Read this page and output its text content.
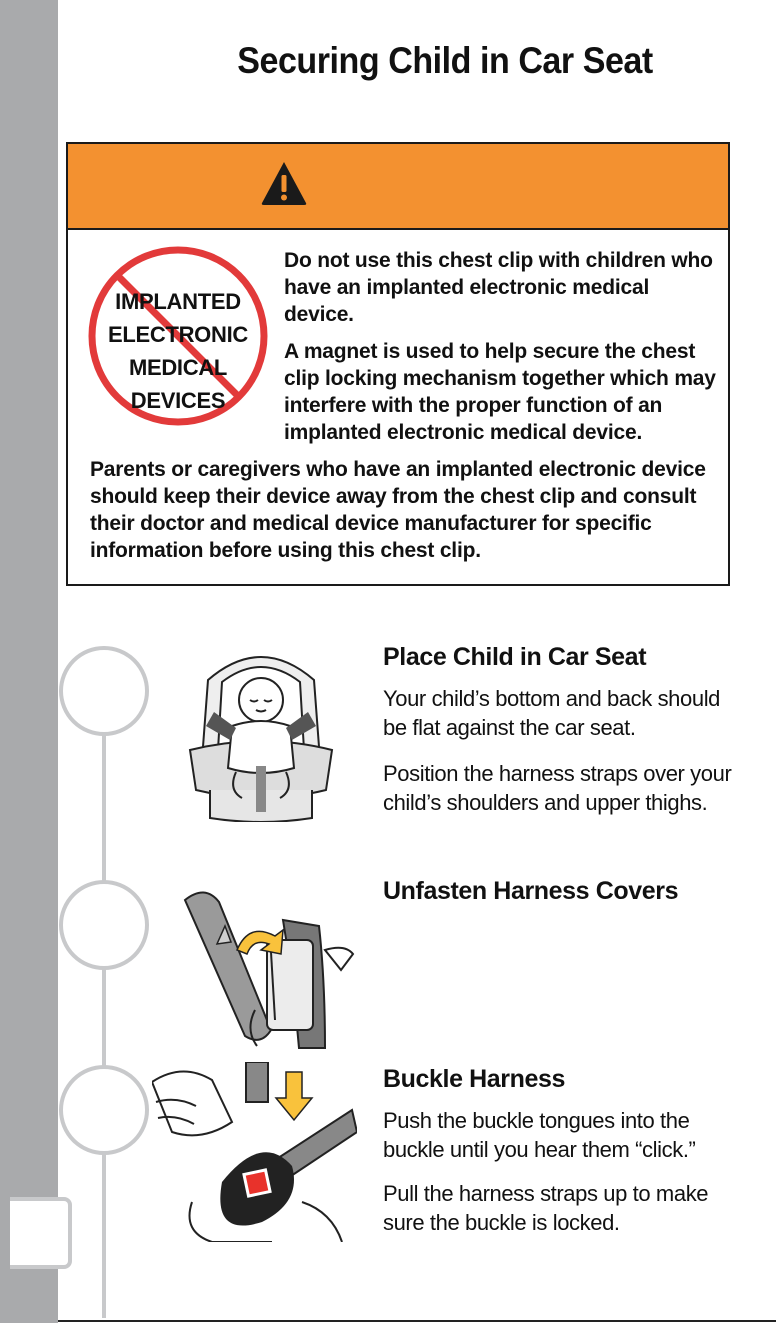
Securing Child in Car Seat
IMPLANTED
ELECTRONIC
MEDICAL
DEVICES

Do not use this chest clip with children who have an implanted electronic medical device.

A magnet is used to help secure the chest clip locking mechanism together which may interfere with the proper function of an implanted electronic medical device.

Parents or caregivers who have an implanted electronic device should keep their device away from the chest clip and consult their doctor and medical device manufacturer for specific information before using this chest clip.

Place Child in Car Seat

Your child’s bottom and back should be flat against the car seat.

Position the harness straps over your child’s shoulders and upper thighs.

Unfasten Harness Covers
Buckle Harness

Push the buckle tongues into the buckle until you hear them “click.”

Pull the harness straps up to make sure the buckle is locked.
